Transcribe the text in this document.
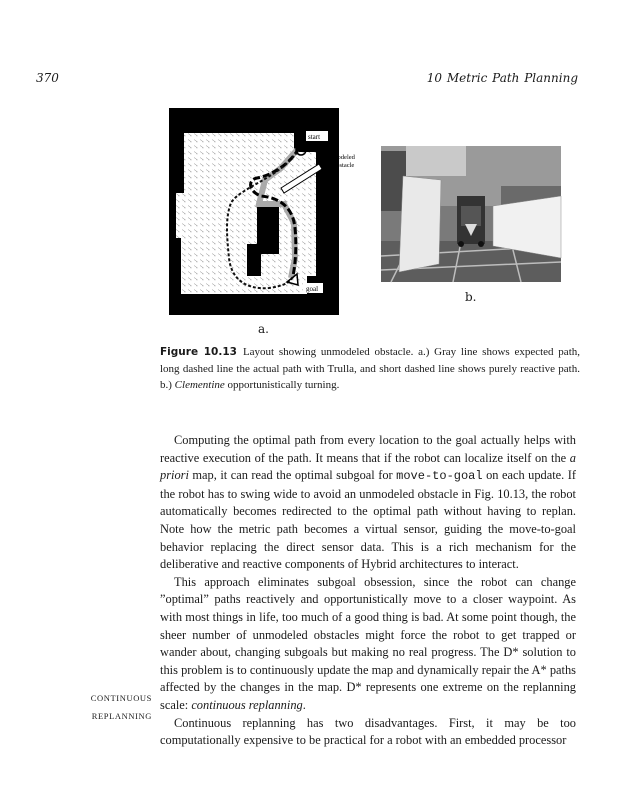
370	10 Metric Path Planning
start
unmodeled
obstacle
goal
a.
b.
Figure 10.13 Layout showing unmodeled obstacle. a.) Gray line shows expected path, long dashed line the actual path with Trulla, and short dashed line shows purely reactive path. b.) Clementine opportunistically turning.

Computing the optimal path from every location to the goal actually helps with reactive execution of the path. It means that if the robot can localize itself on the a priori map, it can read the optimal subgoal for move-to-goal on each update. If the robot has to swing wide to avoid an unmodeled obstacle in Fig. 10.13, the robot automatically becomes redirected to the optimal path without having to replan. Note how the metric path becomes a virtual sensor, guiding the move-to-goal behavior replacing the direct sensor data. This is a rich mechanism for the deliberative and reactive components of Hybrid architectures to interact.

This approach eliminates subgoal obsession, since the robot can change ”optimal” paths reactively and opportunistically move to a closer waypoint. As with most things in life, too much of a good thing is bad. At some point though, the sheer number of unmodeled obstacles might force the robot to get trapped or wander about, changing subgoals but making no real progress. The D* solution to this problem is to continuously update the map and dynamically repair the A* paths affected by the changes in the map. D* represents one extreme on the replanning scale: continuous replanning.

Continuous replanning has two disadvantages. First, it may be too computationally expensive to be practical for a robot with an embedded processor

CONTINUOUS
REPLANNING
